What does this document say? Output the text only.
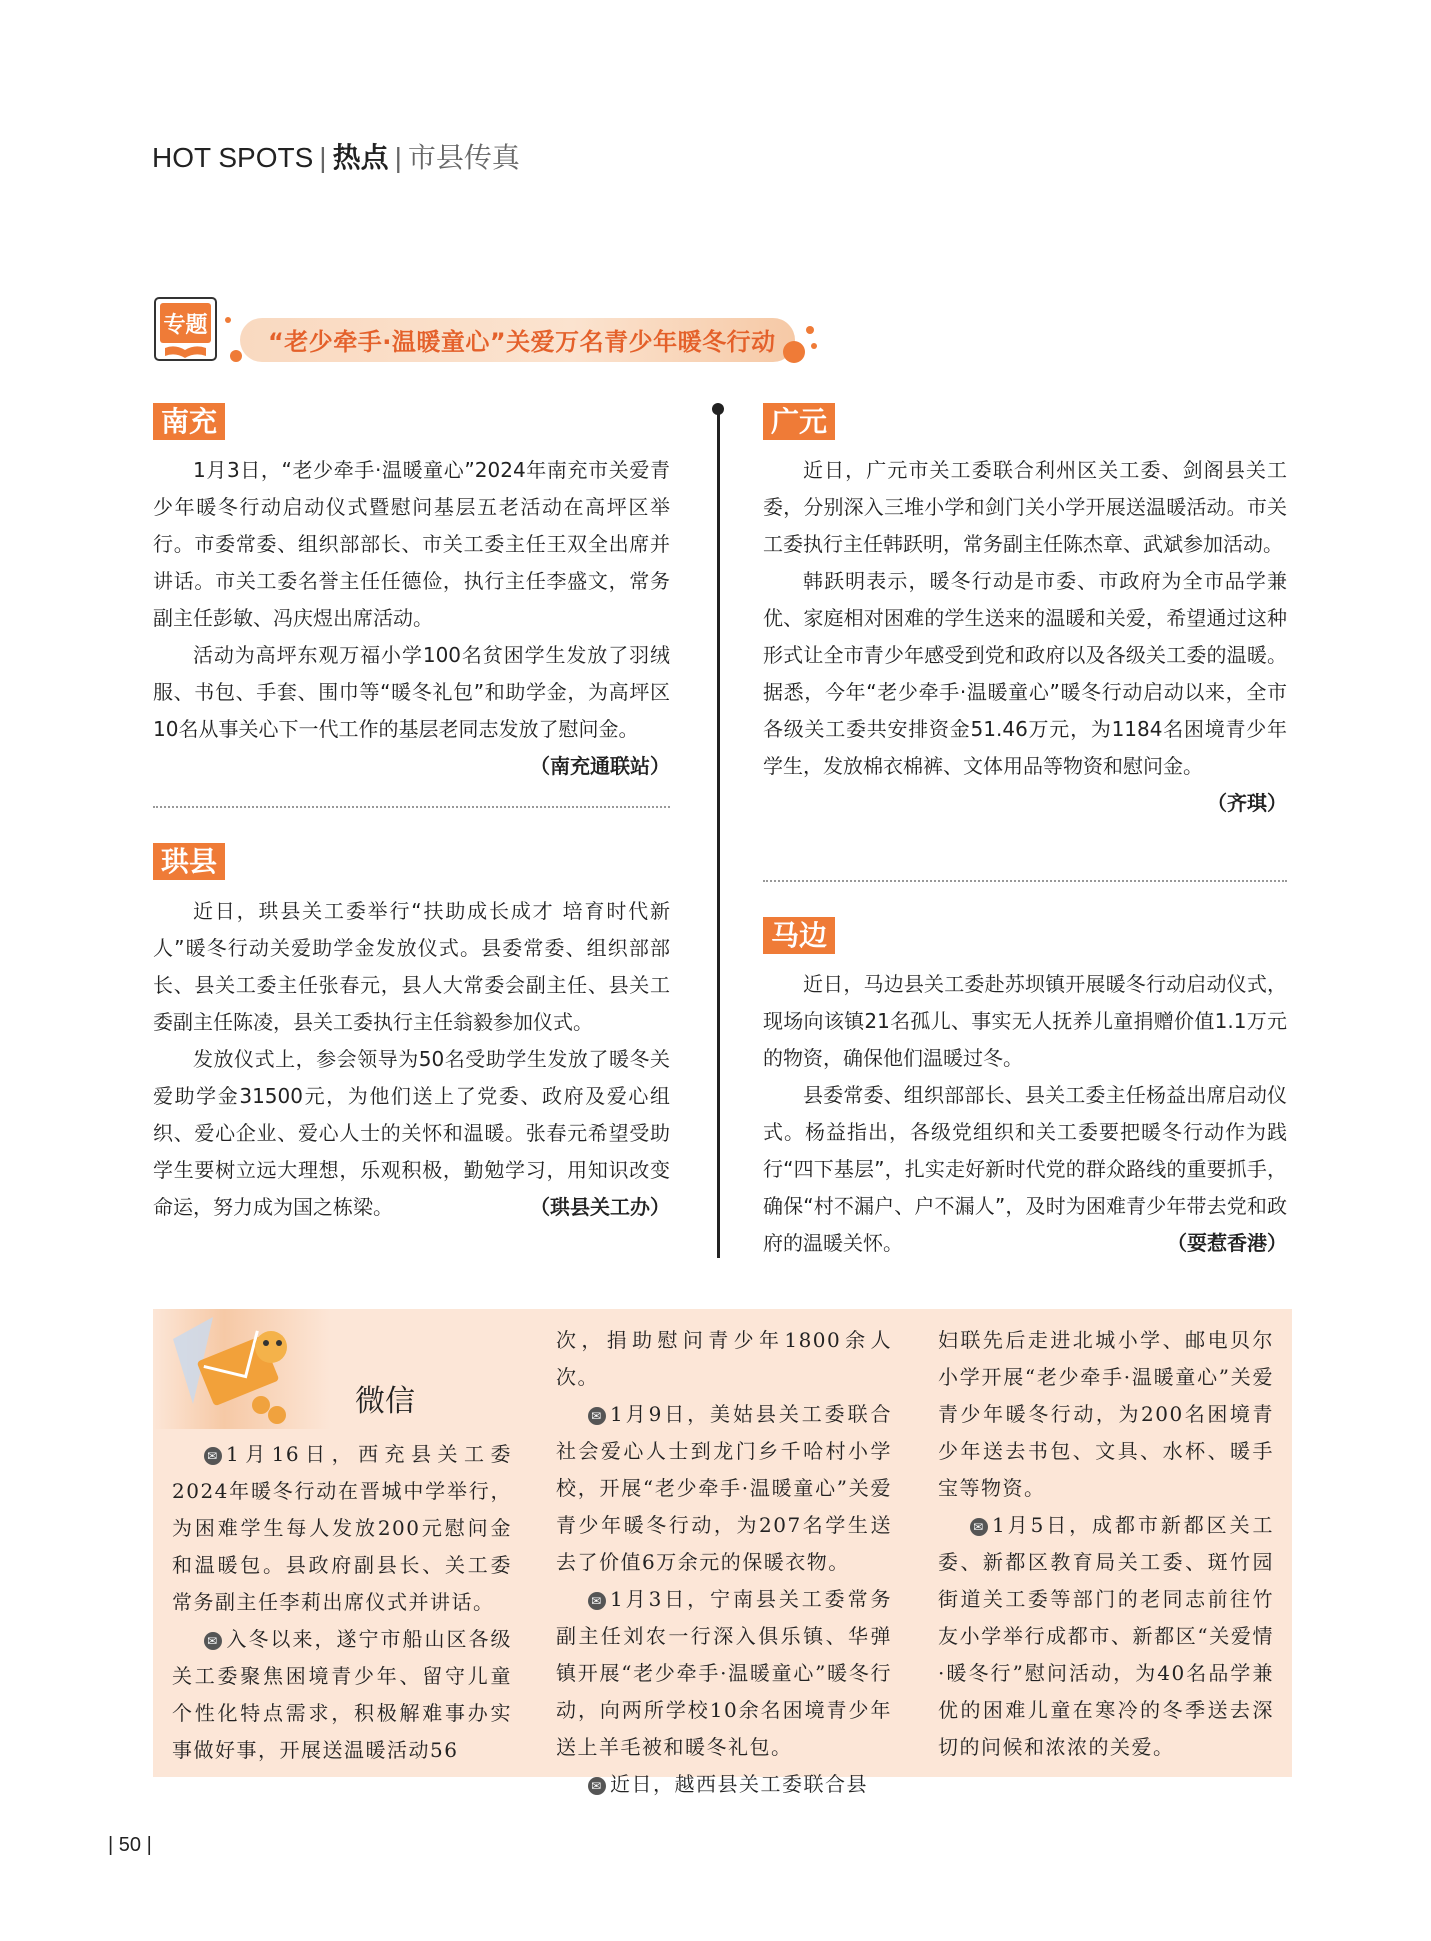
HOT SPOTS | 热点 | 市县传真
专题
“老少牵手·温暖童心”关爱万名青少年暖冬行动
南充

1月3日，“老少牵手·温暖童心”2024年南充市关爱青少年暖冬行动启动仪式暨慰问基层五老活动在高坪区举行。市委常委、组织部部长、市关工委主任王双全出席并讲话。市关工委名誉主任任德俭，执行主任李盛文，常务副主任彭敏、冯庆煜出席活动。

活动为高坪东观万福小学100名贫困学生发放了羽绒服、书包、手套、围巾等“暖冬礼包”和助学金，为高坪区10名从事关心下一代工作的基层老同志发放了慰问金。
（南充通联站）

珙县

近日，珙县关工委举行“扶助成长成才 培育时代新人”暖冬行动关爱助学金发放仪式。县委常委、组织部部长、县关工委主任张春元，县人大常委会副主任、县关工委副主任陈凌，县关工委执行主任翁毅参加仪式。

发放仪式上，参会领导为50名受助学生发放了暖冬关爱助学金31500元，为他们送上了党委、政府及爱心组织、爱心企业、爱心人士的关怀和温暖。张春元希望受助学生要树立远大理想，乐观积极，勤勉学习，用知识改变命运，努力成为国之栋梁。	（珙县关工办）

广元

近日，广元市关工委联合利州区关工委、剑阁县关工委，分别深入三堆小学和剑门关小学开展送温暖活动。市关工委执行主任韩跃明，常务副主任陈杰章、武斌参加活动。

韩跃明表示，暖冬行动是市委、市政府为全市品学兼优、家庭相对困难的学生送来的温暖和关爱，希望通过这种形式让全市青少年感受到党和政府以及各级关工委的温暖。据悉，今年“老少牵手·温暖童心”暖冬行动启动以来，全市各级关工委共安排资金51.46万元，为1184名困境青少年学生，发放棉衣棉裤、文体用品等物资和慰问金。
（齐琪）

马边

近日，马边县关工委赴苏坝镇开展暖冬行动启动仪式，现场向该镇21名孤儿、事实无人抚养儿童捐赠价值1.1万元的物资，确保他们温暖过冬。

县委常委、组织部部长、县关工委主任杨益出席启动仪式。杨益指出，各级党组织和关工委要把暖冬行动作为践行“四下基层”，扎实走好新时代党的群众路线的重要抓手，确保“村不漏户、户不漏人”，及时为困难青少年带去党和政府的温暖关怀。	（耍惹香港）

微信

✉ 1月16日，西充县关工委2024年暖冬行动在晋城中学举行，为困难学生每人发放200元慰问金和温暖包。县政府副县长、关工委常务副主任李莉出席仪式并讲话。

✉ 入冬以来，遂宁市船山区各级关工委聚焦困境青少年、留守儿童个性化特点需求，积极解难事办实事做好事，开展送温暖活动56

次，捐助慰问青少年1800余人次。

✉ 1月9日，美姑县关工委联合社会爱心人士到龙门乡千哈村小学校，开展“老少牵手·温暖童心”关爱青少年暖冬行动，为207名学生送去了价值6万余元的保暖衣物。

✉ 1月3日，宁南县关工委常务副主任刘农一行深入俱乐镇、华弹镇开展“老少牵手·温暖童心”暖冬行动，向两所学校10余名困境青少年送上羊毛被和暖冬礼包。

✉ 近日，越西县关工委联合县

妇联先后走进北城小学、邮电贝尔小学开展“老少牵手·温暖童心”关爱青少年暖冬行动，为200名困境青少年送去书包、文具、水杯、暖手宝等物资。

✉ 1月5日，成都市新都区关工委、新都区教育局关工委、斑竹园街道关工委等部门的老同志前往竹友小学举行成都市、新都区“关爱情·暖冬行”慰问活动，为40名品学兼优的困难儿童在寒冷的冬季送去深切的问候和浓浓的关爱。

| 50 |
